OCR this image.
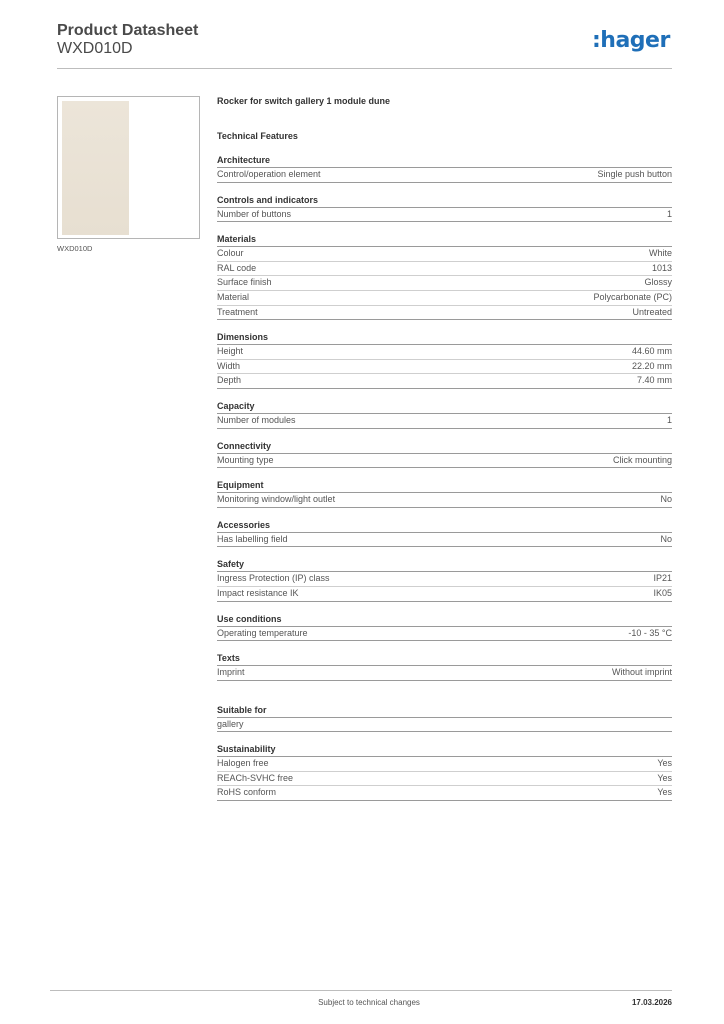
Product Datasheet
WXD010D	:hager
WXD010D
Rocker for switch gallery 1 module dune
Technical Features
Architecture
Control/operation element	Single push button
Controls and indicators
Number of buttons	1
Materials
Colour	White
RAL code	1013
Surface finish	Glossy
Material	Polycarbonate (PC)
Treatment	Untreated
Dimensions
Height	44.60 mm
Width	22.20 mm
Depth	7.40 mm
Capacity
Number of modules	1
Connectivity
Mounting type	Click mounting
Equipment
Monitoring window/light outlet	No
Accessories
Has labelling field	No
Safety
Ingress Protection (IP) class	IP21
Impact resistance IK	IK05
Use conditions
Operating temperature	-10 - 35 °C
Texts
Imprint	Without imprint
Suitable for
gallery
Sustainability
Halogen free	Yes
REACh-SVHC free	Yes
RoHS conform	Yes
Subject to technical changes	17.03.2026
